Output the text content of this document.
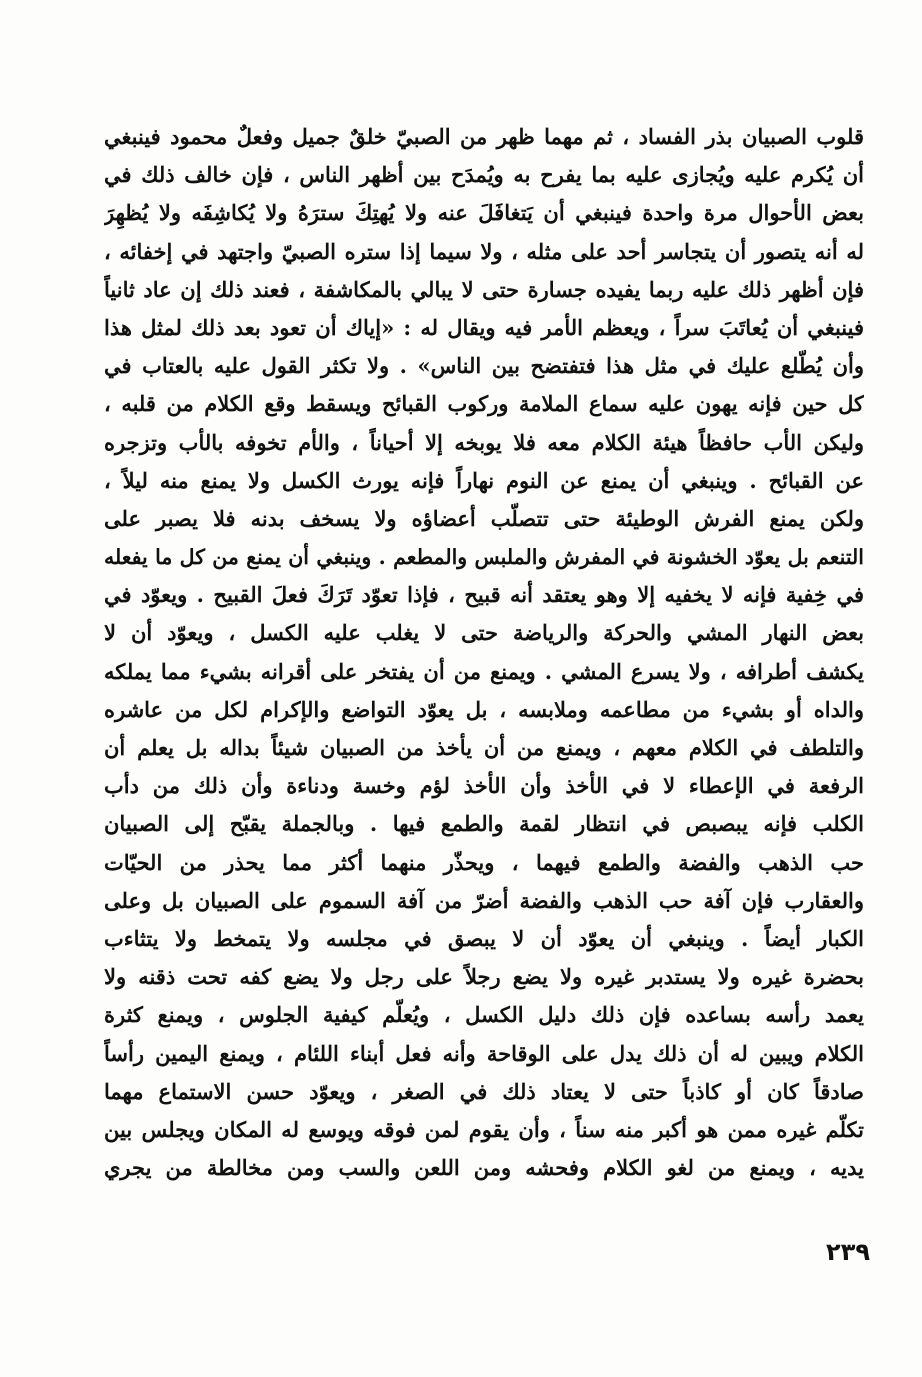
قلوب الصبيان بذر الفساد ، ثم مهما ظهر من الصبيّ خلقٌ جميل وفعلٌ محمود فينبغي
أن يُكرم عليه ويُجازى عليه بما يفرح به ويُمدَح بين أظهر الناس ، فإن خالف ذلك في
بعض الأحوال مرة واحدة فينبغي أن يَتغافَلَ عنه ولا يُهتِكَ سترَهُ ولا يُكاشِفَه ولا يُظهِرَ
له أنه يتصور أن يتجاسر أحد على مثله ، ولا سيما إذا ستره الصبيّ واجتهد في إخفائه ،
فإن أظهر ذلك عليه ربما يفيده جسارة حتى لا يبالي بالمكاشفة ، فعند ذلك إن عاد ثانياً
فينبغي أن يُعاتَبَ سراً ، ويعظم الأمر فيه ويقال له : «إياك أن تعود بعد ذلك لمثل هذا
وأن يُطّلع عليك في مثل هذا فتفتضح بين الناس» . ولا تكثر القول عليه بالعتاب في
كل حين فإنه يهون عليه سماع الملامة وركوب القبائح ويسقط وقع الكلام من قلبه ،
وليكن الأب حافظاً هيئة الكلام معه فلا يوبخه إلا أحياناً ، والأم تخوفه بالأب وتزجره
عن القبائح . وينبغي أن يمنع عن النوم نهاراً فإنه يورث الكسل ولا يمنع منه ليلاً ،
ولكن يمنع الفرش الوطيئة حتى تتصلّب أعضاؤه ولا يسخف بدنه فلا يصبر على
التنعم بل يعوّد الخشونة في المفرش والملبس والمطعم . وينبغي أن يمنع من كل ما يفعله
في خِفية فإنه لا يخفيه إلا وهو يعتقد أنه قبيح ، فإذا تعوّد تَرَكَ فعلَ القبيح . ويعوّد في
بعض النهار المشي والحركة والرياضة حتى لا يغلب عليه الكسل ، ويعوّد أن لا
يكشف أطرافه ، ولا يسرع المشي . ويمنع من أن يفتخر على أقرانه بشيء مما يملكه
والداه أو بشيء من مطاعمه وملابسه ، بل يعوّد التواضع والإكرام لكل من عاشره
والتلطف في الكلام معهم ، ويمنع من أن يأخذ من الصبيان شيئاً بداله بل يعلم أن
الرفعة في الإعطاء لا في الأخذ وأن الأخذ لؤم وخسة ودناءة وأن ذلك من دأب
الكلب فإنه يبصبص في انتظار لقمة والطمع فيها . وبالجملة يقبّح إلى الصبيان
حب الذهب والفضة والطمع فيهما ، ويحذّر منهما أكثر مما يحذر من الحيّات
والعقارب فإن آفة حب الذهب والفضة أضرّ من آفة السموم على الصبيان بل وعلى
الكبار أيضاً . وينبغي أن يعوّد أن لا يبصق في مجلسه ولا يتمخط ولا يتثاءب
بحضرة غيره ولا يستدبر غيره ولا يضع رجلاً على رجل ولا يضع كفه تحت ذقنه ولا
يعمد رأسه بساعده فإن ذلك دليل الكسل ، ويُعلّم كيفية الجلوس ، ويمنع كثرة
الكلام ويبين له أن ذلك يدل على الوقاحة وأنه فعل أبناء اللئام ، ويمنع اليمين رأساً
صادقاً كان أو كاذباً حتى لا يعتاد ذلك في الصغر ، ويعوّد حسن الاستماع مهما
تكلّم غيره ممن هو أكبر منه سناً ، وأن يقوم لمن فوقه ويوسع له المكان ويجلس بين
يديه ، ويمنع من لغو الكلام وفحشه ومن اللعن والسب ومن مخالطة من يجري
٢٣٩
